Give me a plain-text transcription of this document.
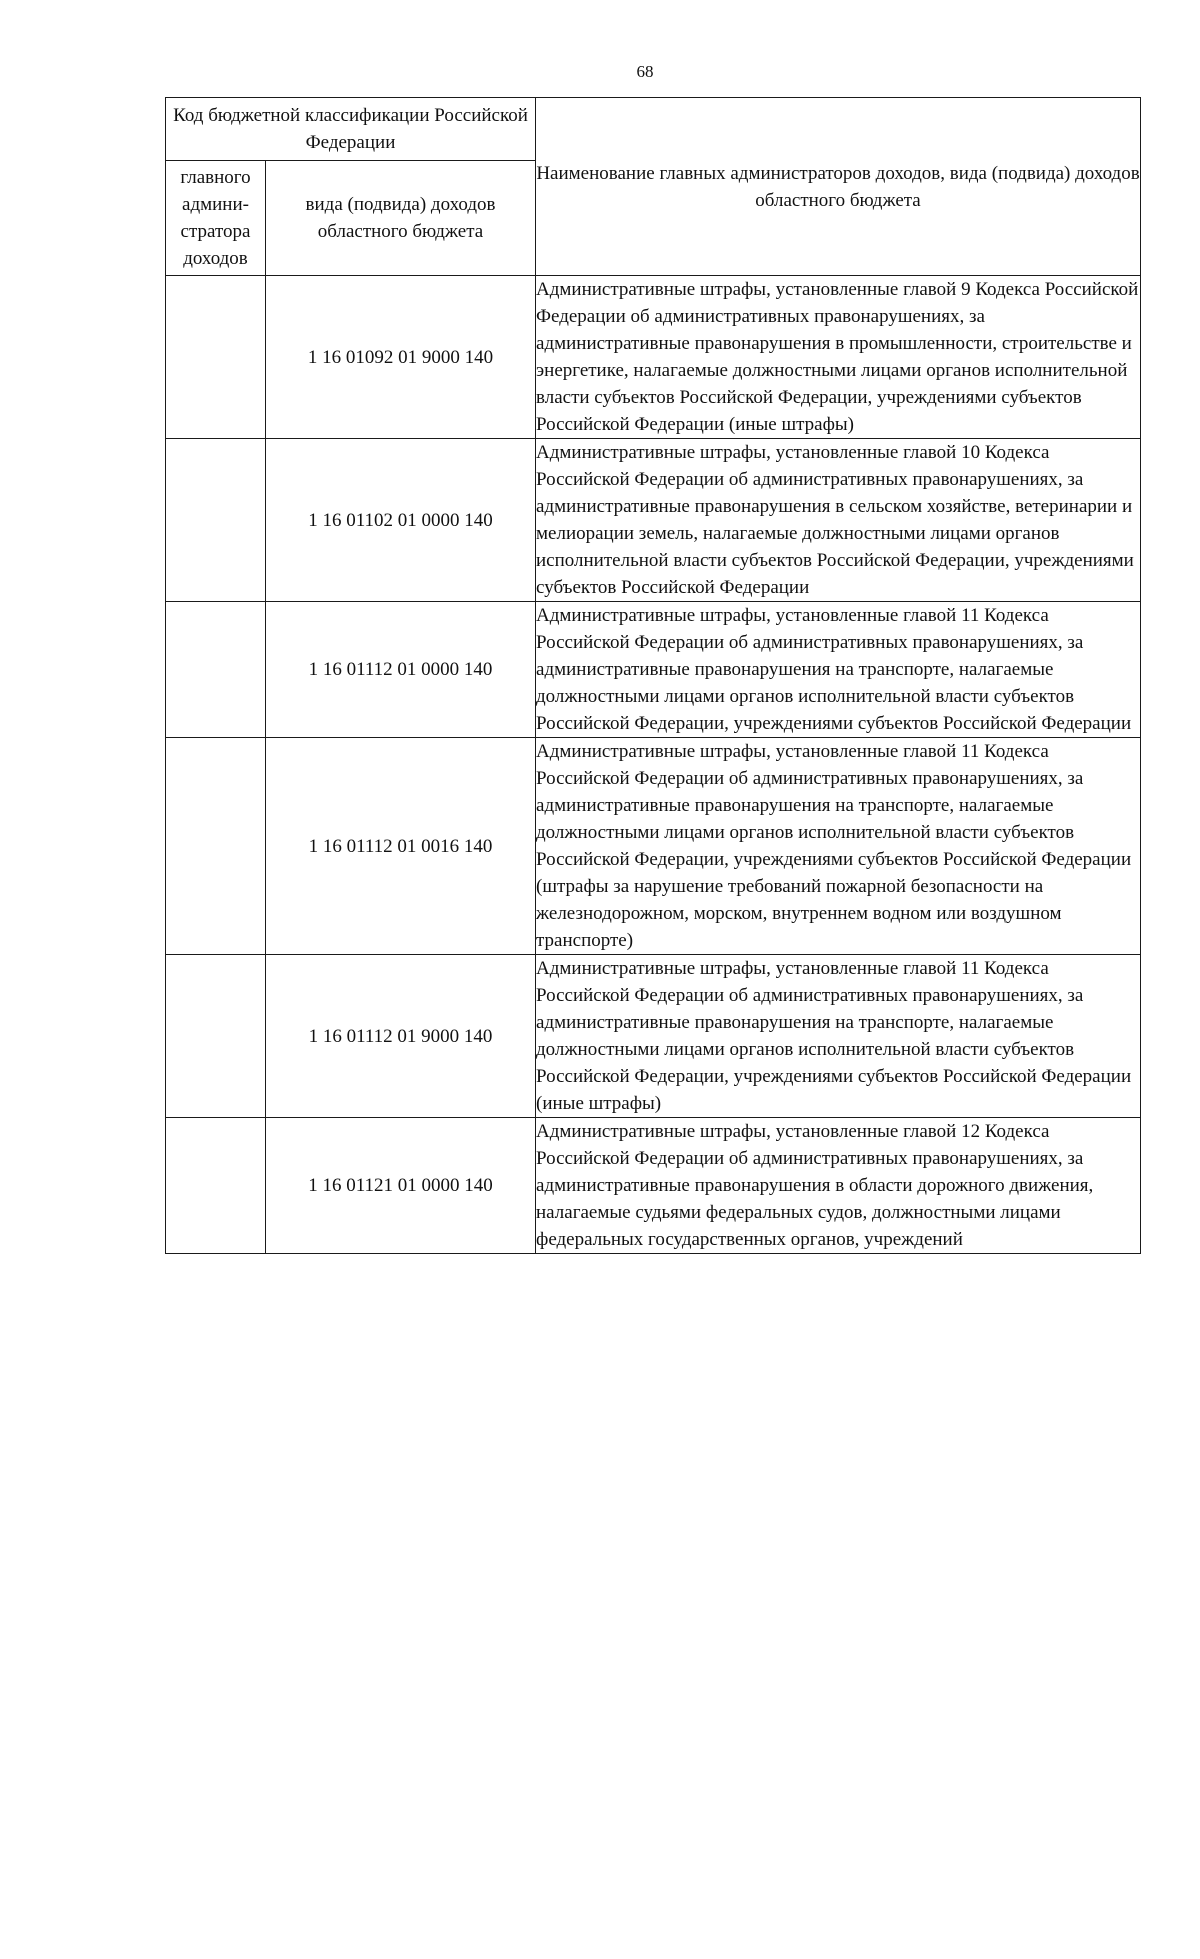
68
Код бюджетной классификации Российской Федерации		Наименование главных администраторов доходов, вида (подвида) доходов областного бюджета
главного админи-стратора доходов	вида (подвида) доходов областного бюджета	
	1 16 01092 01 9000 140	Административные штрафы, установленные главой 9 Кодекса Российской Федерации об административных правонарушениях, за административные правонарушения в промышленности, строительстве и энергетике, налагаемые должностными лицами органов исполнительной власти субъектов Российской Федерации, учреждениями субъектов Российской Федерации (иные штрафы)
	1 16 01102 01 0000 140	Административные штрафы, установленные главой 10 Кодекса Российской Федерации об административных правонарушениях, за административные правонарушения в сельском хозяйстве, ветеринарии и мелиорации земель, налагаемые должностными лицами органов исполнительной власти субъектов Российской Федерации, учреждениями субъектов Российской Федерации
	1 16 01112 01 0000 140	Административные штрафы, установленные главой 11 Кодекса Российской Федерации об административных правонарушениях, за административные правонарушения на транспорте, налагаемые должностными лицами органов исполнительной власти субъектов Российской Федерации, учреждениями субъектов Российской Федерации
	1 16 01112 01 0016 140	Административные штрафы, установленные главой 11 Кодекса Российской Федерации об административных правонарушениях, за административные правонарушения на транспорте, налагаемые должностными лицами органов исполнительной власти субъектов Российской Федерации, учреждениями субъектов Российской Федерации (штрафы за нарушение требований пожарной безопасности на железнодорожном, морском, внутреннем водном или воздушном транспорте)
	1 16 01112 01 9000 140	Административные штрафы, установленные главой 11 Кодекса Российской Федерации об административных правонарушениях, за административные правонарушения на транспорте, налагаемые должностными лицами органов исполнительной власти субъектов Российской Федерации, учреждениями субъектов Российской Федерации (иные штрафы)
	1 16 01121 01 0000 140	Административные штрафы, установленные главой 12 Кодекса Российской Федерации об административных правонарушениях, за административные правонарушения в области дорожного движения, налагаемые судьями федеральных судов, должностными лицами федеральных государственных органов, учреждений
